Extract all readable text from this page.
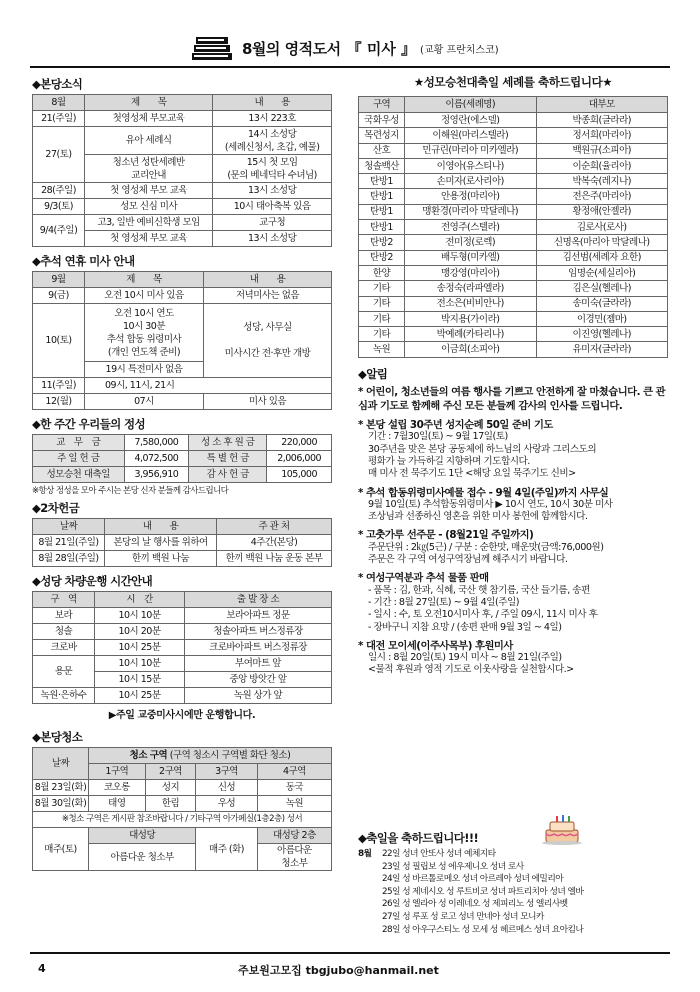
8월의 영적도서 『 미사 』 (교황 프란치스코)
◆본당소식
8월	제　　목	내　　용
21(주일)	첫영성체 부모교육	13시 223호
27(토)	유아 세례식	14시 소성당
(세례신청서, 초갑, 예물)
	청소년 성탄세례반
교리안내	15시 첫 모임
(문의 베네딕타 수녀님)
28(주일)	첫 영성체 부모 교육	13시 소성당
9/3(토)	성모 신심 미사	10시 태아축복 있음
9/4(주일)	고3, 일반 예비신학생 모임	교구청
	첫 영성체 부모 교육	13시 소성당
◆추석 연휴 미사 안내
9월	제　　목	내　　용
9(금)	오전 10시 미사 있음	저녁미사는 없음
10(토)	오전 10시 연도
10시 30분
추석 합동 위령미사
(개인 연도책 준비)	성당, 사무실

미사시간 전·후만 개방
	19시 특전미사 없음	
11(주일)	09시, 11시, 21시	
12(월)	07시	미사 있음
◆한 주간 우리들의 정성
교　무　금	7,580,000	성 소 후 원 금	220,000
주 일 헌 금	4,072,500	특 별 헌 금	2,006,000
성모승천 대축일	3,956,910	감 사 헌 금	105,000
※항상 정성을 모아 주시는 본당 신자 분들께 감사드립니다
◆2차헌금
날짜	내　　용	주 관 처
8월 21일(주일)	본당의 날 행사를 위하여	4주간(본당)
8월 28일(주일)	한끼 백원 나눔	한끼 백원 나눔 운동 본부
◆성당 차량운행 시간안내
구　역	시　간	출 발 장 소
보라	10시 10분	보라아파트 정문
청솔	10시 20분	청솔아파트 버스정류장
크로바	10시 25분	크로바아파트 버스정류장
용문	10시 10분	부여마트 앞
	10시 15분	중앙 방앗간 앞
녹원·은하수	10시 25분	녹원 상가 앞
▶주일 교중미사시에만 운행합니다.
◆본당청소
날짜	청소 구역 (구역 청소시 구역별 화단 청소)			
	1구역	2구역	3구역	4구역
8월 23일(화)	코오롱	성지	신성	동국
8월 30일(화)	태영	한림	우성	녹원
※청소 구역은 게시판 참조바랍니다 / 기타구역 아가페실(1층2층) 성서				
매주(토)	대성당		매주 (화)	대성당 2층
	아름다운 청소부			아름다운
청소부
★성모승천대축일 세례를 축하드립니다★
구역	이름(세례명)	대부모
국화우성	정영란(에스델)	박종희(글라라)
목련성지	이해원(마리스텔라)	정서희(마리아)
산호	민규린(마리아 미카엘라)	백원규(소피아)
청솔백산	이영아(유스티나)	이순희(율리아)
탄방1	손미자(로사리아)	박복숙(레지나)
탄방1	안용정(마리아)	전은주(마리아)
탄방1	맹환경(마리아 막달레나)	황정애(안젤라)
탄방1	전영주(스텔라)	김로사(로사)
탄방2	전미정(로렉)	신명옥(마리아 막달레나)
탄방2	배두형(미카엘)	김선범(세례자 요한)
한양	맹강영(마리아)	임명순(세실리아)
기타	송정숙(라파엘라)	김은실(헬레나)
기타	전소은(비비안나)	송미숙(글라라)
기타	박지용(가이라)	이경민(젬마)
기타	박예례(카타리나)	이진영(헬레나)
녹원	이금희(소피아)	유미자(글라라)
◆알림
* 어린이, 청소년들의 여름 행사를 기쁘고 안전하게 잘 마쳤습니다. 큰 관심과 기도로 함께해 주신 모든 분들께 감사의 인사를 드립니다.
* 본당 설립 30주년 성지순례 50일 준비 기도
기간 : 7월30일(토) ~ 9월 17일(토)
30주년을 맞은 본당 공동체에 하느님의 사랑과 그리스도의
평화가 늘 가득하길 지향하며 기도합시다.
매 미사 전 묵주기도 1단 <해당 요일 묵주기도 신비>
* 추석 합동위령미사예물 접수 - 9월 4일(주일)까지 사무실
9월 10일(토) 추석합동위령미사 ▶ 10시 연도, 10시 30분 미사
조상님과 선종하신 영혼을 위한 미사 봉헌에 함께합시다.
* 고춧가루 선주문 - (8월21일 주일까지)
주문단위 : 2㎏(5근) / 구분 : 순한맛, 매운맛(금액:76,000원)
주문은 각 구역 여성구역장님께 해주시기 바랍니다.
* 여성구역분과 추석 물품 판매
- 품목 : 김, 한과, 식혜, 국산 햇 참기름, 국산 들기름, 송편
- 기간 : 8월 27일(토) ~ 9월 4일(주일)
- 일시 : 수, 토 오전10시미사 후, / 주일 09시, 11시 미사 후
- 장바구니 지참 요망 / (송편 판매 9월 3일 ~ 4일)
* 대전 모이세(이주사목부) 후원미사
일시 : 8월 20일(토) 19시 미사 ~ 8월 21일(주일)
<물적 후원과 영적 기도로 이웃사랑을 실천합시다.>
◆축일을 축하드립니다!!!
8월	22일 성녀 안또사 성녀 예체지타
23일 성 필립보 성 에우제니오 성녀 로사
24일 성 바르톨로메오 성녀 아르레아 성녀 에밀리아
25일 성 제네시오 성 루트비코 성녀 파트리치아 성녀 엘바
26일 성 엘라아 성 이레네오 성 제피리노 성 엘리사벳
27일 성 루포 성 로고 성녀 만네아 성녀 모니카
28일 성 아우구스티노 성 모세 성 헤르메스 성녀 요아킴나
4	주보원고모집 tbgjubo@hanmail.net
